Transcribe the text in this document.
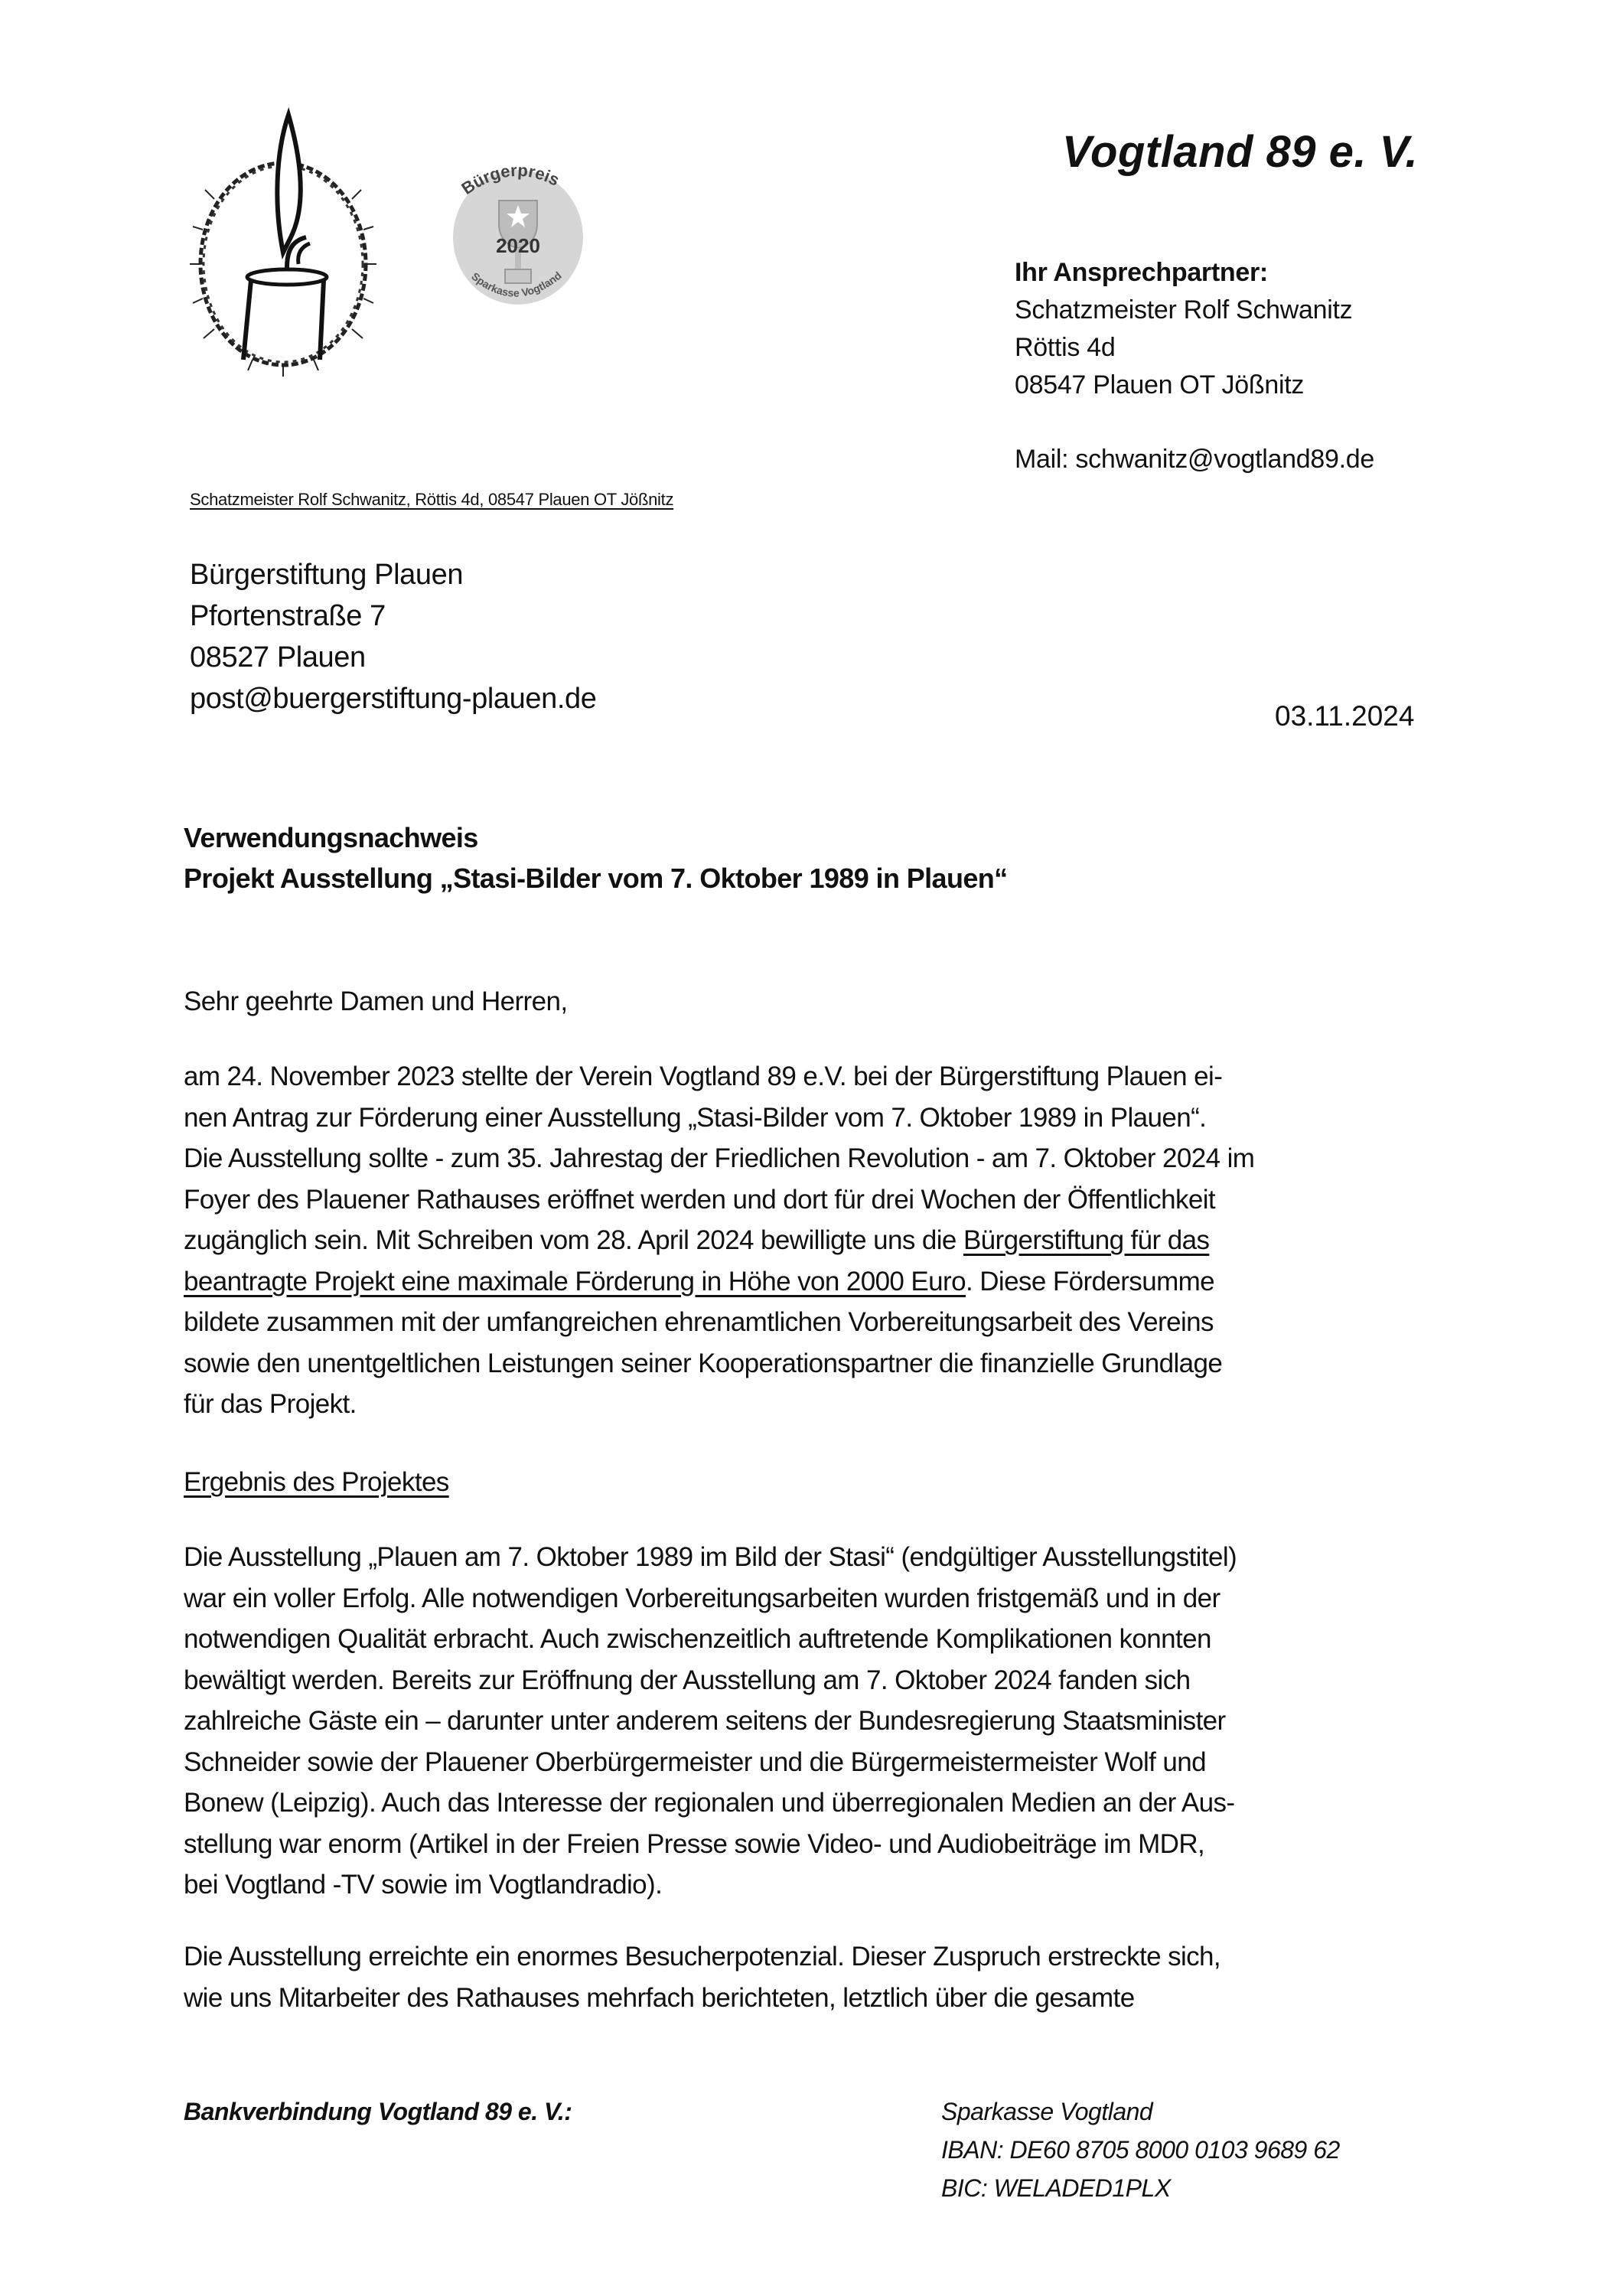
Bürgerpreis
2020
Sparkasse Vogtland
Vogtland 89 e. V.
Ihr Ansprechpartner:
Schatzmeister Rolf Schwanitz
Röttis 4d
08547 Plauen OT Jößnitz
Mail: schwanitz@vogtland89.de
Schatzmeister Rolf Schwanitz, Röttis 4d, 08547 Plauen OT Jößnitz
Bürgerstiftung Plauen
Pfortenstraße 7
08527 Plauen
post@buergerstiftung-plauen.de
03.11.2024
Verwendungsnachweis
Projekt Ausstellung „Stasi-Bilder vom 7. Oktober 1989 in Plauen“
Sehr geehrte Damen und Herren,
am 24. November 2023 stellte der Verein Vogtland 89 e.V. bei der Bürgerstiftung Plauen ei-
nen Antrag zur Förderung einer Ausstellung „Stasi-Bilder vom 7. Oktober 1989 in Plauen“.
Die Ausstellung sollte - zum 35. Jahrestag der Friedlichen Revolution - am 7. Oktober 2024 im
Foyer des Plauener Rathauses eröffnet werden und dort für drei Wochen der Öffentlichkeit
zugänglich sein. Mit Schreiben vom 28. April 2024 bewilligte uns die Bürgerstiftung für das
beantragte Projekt eine maximale Förderung in Höhe von 2000 Euro. Diese Fördersumme
bildete zusammen mit der umfangreichen ehrenamtlichen Vorbereitungsarbeit des Vereins
sowie den unentgeltlichen Leistungen seiner Kooperationspartner die finanzielle Grundlage
für das Projekt.
Ergebnis des Projektes
Die Ausstellung „Plauen am 7. Oktober 1989 im Bild der Stasi“ (endgültiger Ausstellungstitel)
war ein voller Erfolg. Alle notwendigen Vorbereitungsarbeiten wurden fristgemäß und in der
notwendigen Qualität erbracht. Auch zwischenzeitlich auftretende Komplikationen konnten
bewältigt werden. Bereits zur Eröffnung der Ausstellung am 7. Oktober 2024 fanden sich
zahlreiche Gäste ein – darunter unter anderem seitens der Bundesregierung Staatsminister
Schneider sowie der Plauener Oberbürgermeister und die Bürgermeistermeister Wolf und
Bonew (Leipzig). Auch das Interesse der regionalen und überregionalen Medien an der Aus-
stellung war enorm (Artikel in der Freien Presse sowie Video- und Audiobeiträge im MDR,
bei Vogtland -TV sowie im Vogtlandradio).
Die Ausstellung erreichte ein enormes Besucherpotenzial. Dieser Zuspruch erstreckte sich,
wie uns Mitarbeiter des Rathauses mehrfach berichteten, letztlich über die gesamte
Bankverbindung Vogtland 89 e. V.:	Sparkasse Vogtland
IBAN: DE60 8705 8000 0103 9689 62
BIC: WELADED1PLX
